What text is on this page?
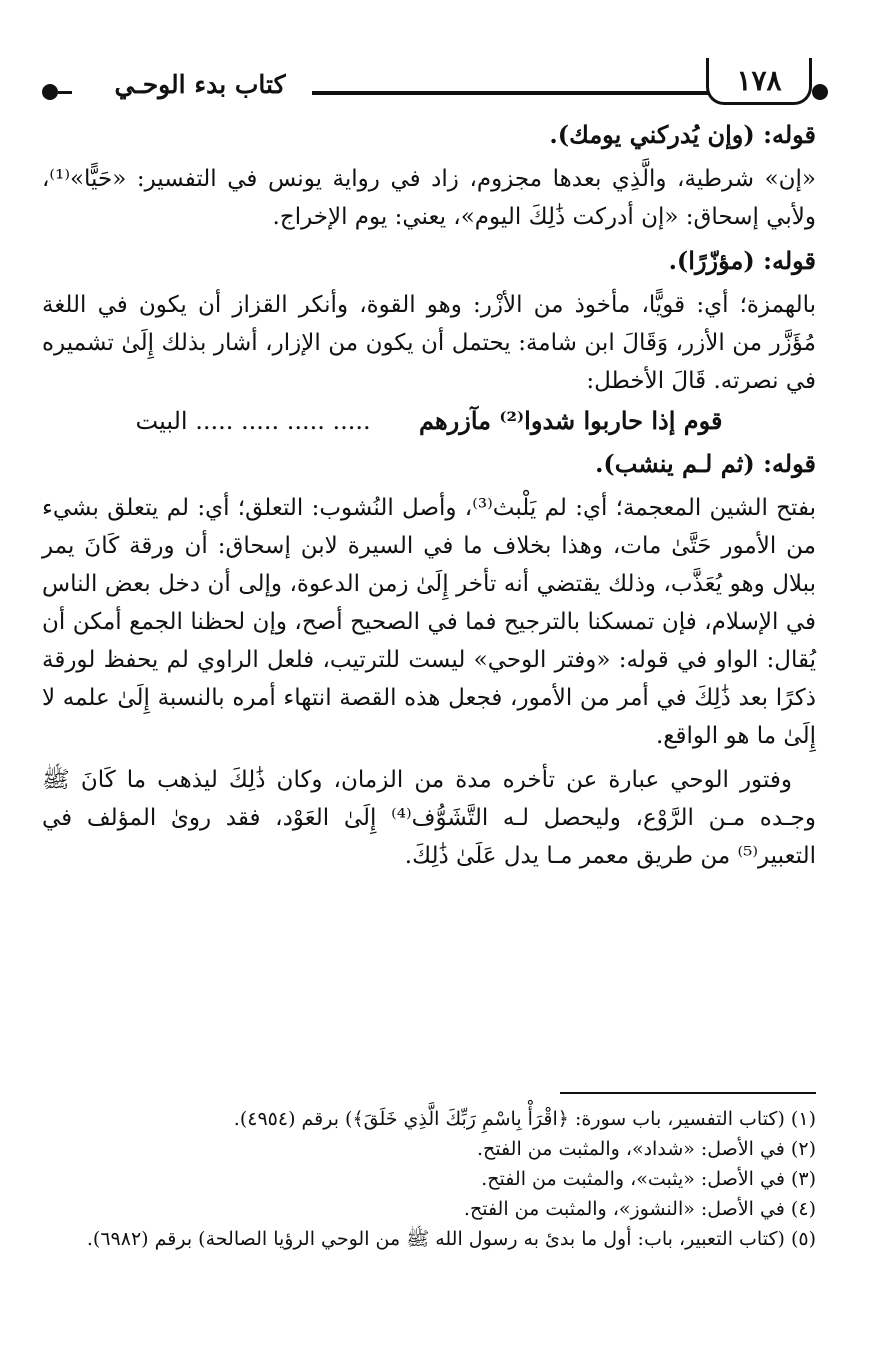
كتاب بدء الوحـي	١٧٨

قوله: (وإن يُدركني يومك).

«إن» شرطية، والَّذِي بعدها مجزوم، زاد في رواية يونس في التفسير: «حَيًّا»⁽¹⁾، ولأبي إسحاق: «إن أدركت ذَٰلِكَ اليوم»، يعني: يوم الإخراج.

قوله: (مؤزّرًا).

بالهمزة؛ أي: قويًّا، مأخوذ من الأزْر: وهو القوة، وأنكر القزاز أن يكون في اللغة مُؤَزَّر من الأزر، وَقَالَ ابن شامة: يحتمل أن يكون من الإزار، أشار بذلك إِلَىٰ تشميره في نصرته. قَالَ الأخطل:

قوم إذا حاربوا شدوا⁽²⁾ مآزرهم ..... ..... ..... ..... البيت

قوله: (ثم لـم ينشب).

بفتح الشين المعجمة؛ أي: لم يَلْبث⁽³⁾، وأصل النُشوب: التعلق؛ أي: لم يتعلق بشيء من الأمور حَتَّىٰ مات، وهذا بخلاف ما في السيرة لابن إسحاق: أن ورقة كَانَ يمر ببلال وهو يُعَذَّب، وذلك يقتضي أنه تأخر إِلَىٰ زمن الدعوة، وإلى أن دخل بعض الناس في الإسلام، فإن تمسكنا بالترجيح فما في الصحيح أصح، وإن لحظنا الجمع أمكن أن يُقال: الواو في قوله: «وفتر الوحي» ليست للترتيب، فلعل الراوي لم يحفظ لورقة ذكرًا بعد ذَٰلِكَ في أمر من الأمور، فجعل هذه القصة انتهاء أمره بالنسبة إِلَىٰ علمه لا إِلَىٰ ما هو الواقع.

وفتور الوحي عبارة عن تأخره مدة من الزمان، وكان ذَٰلِكَ ليذهب ما كَانَ ﷺ وجـده مـن الرَّوْع، وليحصل لـه التَّشَوُّف⁽⁴⁾ إِلَىٰ العَوْد، فقد روىٰ المؤلف في التعبير⁽⁵⁾ من طريق معمر مـا يدل عَلَىٰ ذَٰلِكَ.

(١) (كتاب التفسير، باب سورة: ﴿اقْرَأْ بِاسْمِ رَبِّكَ الَّذِي خَلَقَ﴾) برقم (٤٩٥٤).

(٢) في الأصل: «شداد»، والمثبت من الفتح.

(٣) في الأصل: «يثبت»، والمثبت من الفتح.

(٤) في الأصل: «النشوز»، والمثبت من الفتح.

(٥) (كتاب التعبير، باب: أول ما بدئ به رسول الله ﷺ من الوحي الرؤيا الصالحة) برقم (٦٩٨٢).
